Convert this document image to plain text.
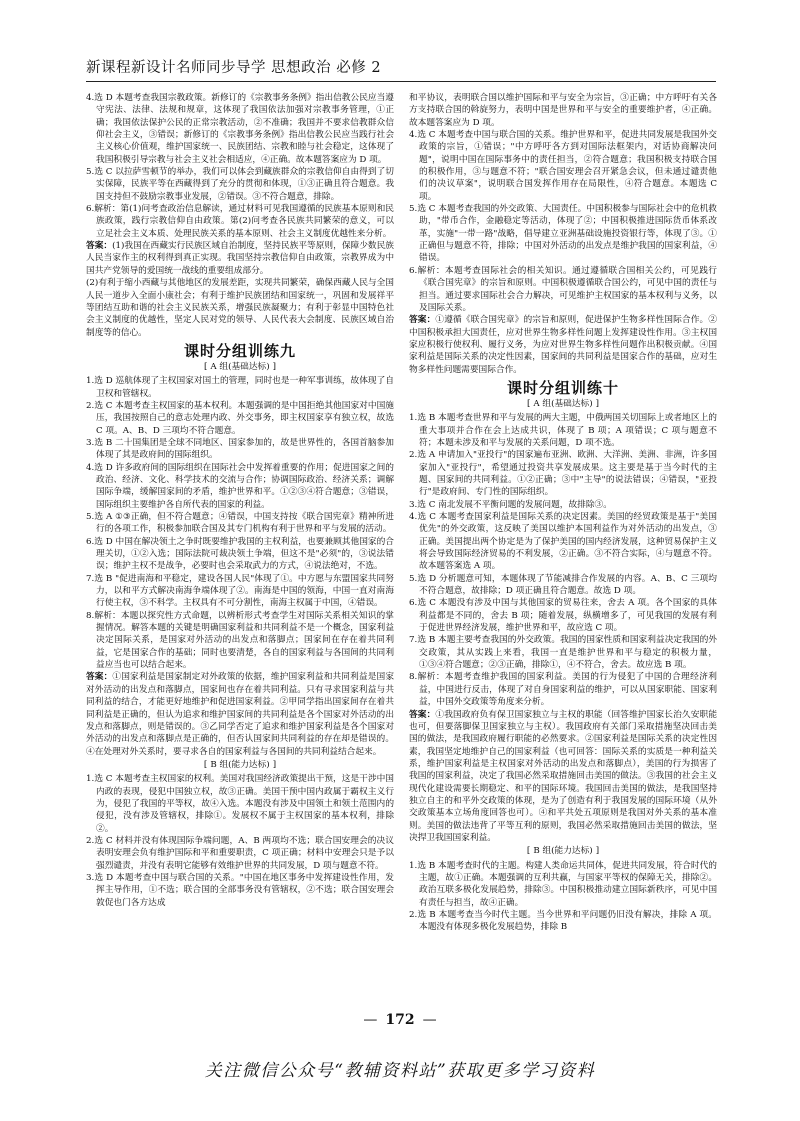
新课程新设计名师同步导学 思想政治 必修 2

4.选 D 本题考查我国宗教政策。新修订的《宗教事务条例》指出信教公民应当遵守宪法、法律、法规和规章，这体现了我国依法加强对宗教事务管理，①正确；我国依法保护公民的正常宗教活动，②不准确；我国并不要求信教群众信仰社会主义，③错误；新修订的《宗教事务条例》指出信教公民应当践行社会主义核心价值观，维护国家统一、民族团结、宗教和睦与社会稳定，这体现了我国积极引导宗教与社会主义社会相适应，④正确。故本题答案应为 D 项。

5.选 C 以拉萨雪顿节的举办，我们可以体会到藏族群众的宗教信仰自由得到了切实保障，民族平等在西藏得到了充分的贯彻和体现，①③正确且符合题意。我国支持但不鼓励宗教事业发展，②错误。③不符合题意，排除。

6.解析：第(1)问考查政治信息解读，通过材料可见我国遵循的民族基本原则和民族政策，践行宗教信仰自由政策。第(2)问考查各民族共同繁荣的意义，可以立足社会主义本质、处理民族关系的基本原则、社会主义制度优越性来分析。

答案：(1)我国在西藏实行民族区域自治制度，坚持民族平等原则，保障少数民族人民当家作主的权利得到真正实现。我国坚持宗教信仰自由政策，宗教界成为中国共产党领导的爱国统一战线的重要组成部分。

(2)有利于缩小西藏与其他地区的发展差距，实现共同繁荣，确保西藏人民与全国人民一道步入全面小康社会；有利于维护民族团结和国家统一，巩固和发展祥平等团结互助和谐的社会主义民族关系，增强民族凝聚力；有利于彰显中国特色社会主义制度的优越性，坚定人民对党的领导、人民代表大会制度、民族区域自治制度等的信心。

课时分组训练九
[ A 组(基础达标) ]

1.选 D 巡航体现了主权国家对国土的管理，同时也是一种军事训练，故体现了自卫权和管辖权。

2.选 C 本题考查主权国家的基本权利。本题强调的是中国拒绝其他国家对中国施压，我国按照自己的意志处理内政、外交事务，即主权国家享有独立权，故选 C 项。A、B、D 三项均不符合题意。

3.选 B 二十国集团是全球不同地区、国家参加的，故是世界性的，各国首脑参加体现了其是政府间的国际组织。

4.选 D 许多政府间的国际组织在国际社会中发挥着重要的作用；促进国家之间的政治、经济、文化、科学技术的交流与合作；协调国际政治、经济关系；调解国际争端，缓解国家间的矛盾，维护世界和平。①②③④符合题意；③错误，国际组织主要维护各自所代表的国家的利益。

5.选 A ①③正确，但不符合题意；④错误，中国支持按《联合国宪章》精神所进行的各项工作，积极参加联合国及其专门机构有利于世界和平与发展的活动。

6.选 D 中国在解决领土之争时既要维护我国的主权利益，也要兼顾其他国家的合理关切，①②入选；国际法院可裁决领土争端，但这不是"必须"的，③说法错误；维护主权不是战争，必要时也会采取武力的方式，④说法绝对，不选。

7.选 B "促进南海和平稳定，建设各国人民"体现了①。中方愿与东盟国家共同努力，以和平方式解决南海争端体现了②。南海是中国的领海，中国一直对南海行使主权，③不科学。主权具有不可分割性，南海主权属于中国，④错误。

8.解析：本题以探究性方式命题，以辨析形式考查学生对国际关系相关知识的掌握情况。解答本题的关键是明确国家利益和共同利益不是一个概念，国家利益决定国际关系，是国家对外活动的出发点和落脚点；国家间在存在着共同利益，它是国家合作的基础；同时也要清楚，各自的国家利益与各国间的共同利益应当也可以结合起来。

答案：①国家利益是国家制定对外政策的依据，维护国家利益和共同利益是国家对外活动的出发点和落脚点，国家间也存在着共同利益。只有寻求国家利益与共同利益的结合，才能更好地维护和促进国家利益。②甲同学指出国家间存在着共同利益是正确的，但认为追求和维护国家间的共同利益是各个国家对外活动的出发点和落脚点，则是错误的。③乙同学否定了追求和维护国家利益是各个国家对外活动的出发点和落脚点是正确的，但否认国家间共同利益的存在却是错误的。④在处理对外关系时，要寻求各自的国家利益与各国间的共同利益结合起来。

[ B 组(能力达标) ]

1.选 C 本题考查主权国家的权利。美国对我国经济政策提出干预，这是干涉中国内政的表现，侵犯中国独立权，故③正确。美国干预中国内政属于霸权主义行为，侵犯了我国的平等权，故④入选。本题没有涉及中国领土和领土范围内的侵犯，没有涉及管辖权，排除①。发展权不属于主权国家的基本权利，排除②。

2.选 C 材料并没有体现国际争端问题，A、B 两项均不选；联合国安理会的决议表明安理会负有维护国际和平和重要职责，C 项正确；材料中安理会只是予以强烈谴责，并没有表明它能够有效维护世界的共同发展，D 项与题意不符。

3.选 D 本题考查中国与联合国的关系。"中国在地区事务中发挥建设性作用，发挥主导作用，①不选；联合国的全部事务没有管辖权，②不选；联合国安理会敦促也门各方达成

和平协议，表明联合国以维护国际和平与安全为宗旨，③正确；中方呼吁有关各方支持联合国的斡旋努力，表明中国是世界和平与安全的重要维护者，④正确。故本题答案应为 D 项。

4.选 C 本题考查中国与联合国的关系。维护世界和平，促进共同发展是我国外交政策的宗旨，①错误；"中方呼吁各方到对国际法框架内，对话协商解决问题"，说明中国在国际事务中的责任担当，②符合题意；我国积极支持联合国的积极作用，③与题意不符；"联合国安理会召开紧急会议，但未通过谴责他们的决议草案"，说明联合国发挥作用存在局限性，④符合题意。本题选 C 项。

5.选 C 本题考查我国的外交政策、大国责任。中国积极参与国际社会中的危机救助，"带币合作，金融稳定等活动，体现了②；中国积极推进国际货币体系改革，实施"一带一路"战略，倡导建立亚洲基础设施投资银行等，体现了③。①正确但与题意不符，排除；中国对外活动的出发点是维护我国的国家利益，④错误。

6.解析：本题考查国际社会的相关知识。通过遵循联合国相关公约，可见践行《联合国宪章》的宗旨和原则。中国积极遵循联合国公约，可见中国的责任与担当。通过要求国际社会合力解决，可见维护主权国家的基本权利与义务，以及国际关系。

答案：①遵循《联合国宪章》的宗旨和原则，促进保护生物多样性国际合作。②中国积极承担大国责任，应对世界生物多样性问题上发挥建设性作用。③主权国家应积极行使权利、履行义务，为应对世界生物多样性问题作出积极贡献。④国家利益是国际关系的决定性因素，国家间的共同利益是国家合作的基础，应对生物多样性问题需要国际合作。

课时分组训练十
[ A 组(基础达标) ]

1.选 B 本题考查世界和平与发展的两大主题，中俄两国关切国际上或者地区上的重大事项并合作在会上达成共识，体现了 B 项；A 项错误；C 项与题意不符；本题未涉及和平与发展的关系问题，D 项不选。

2.选 A 申请加入"亚投行"的国家遍布亚洲、欧洲、大洋洲、美洲、非洲，许多国家加入"亚投行"，希望通过投资共享发展成果。这主要是基于当今时代的主题、国家间的共同利益。①②正确；③中"主导"的说法错误；④错误，"亚投行"是政府间、专门性的国际组织。

3.选 C 南北发展不平衡问题的发展问题，故排除③。

4.选 C 本题考查国家利益是国际关系的决定因素。美国的经贸政策是基于"美国优先"的外交政策，这反映了美国以维护本国利益作为对外活动的出发点，③正确。美国提出两个协定是为了保护美国的国内经济发展，这种贸易保护主义将会导致国际经济贸易的不利发展，②正确。③不符合实际，④与题意不符。故本题答案选 A 项。

5.选 D 分析题意可知，本题体现了节能减排合作发展的内容。A、B、C 三项均不符合题意，故排除；D 项正确且符合题意。故选 D 项。

6.选 C 本题没有涉及中国与其他国家的贸易往来，舍去 A 项。各个国家的具体利益都是不同的，舍去 B 项；随着发展，纵横增多了，可见我国的发展有利于促进世界经济发展，维护世界和平，故应选 C 项。

7.选 B 本题主要考查我国的外交政策。我国的国家性质和国家利益决定我国的外交政策，其从实践上来看，我国一直是维护世界和平与稳定的积极力量，①③④符合题意；②③正确，排除①，④不符合，舍去。故应选 B 项。

8.解析：本题考查维护我国的国家利益。美国的行为侵犯了中国的合理经济利益，中国进行反击，体现了对自身国家利益的维护，可以从国家职能、国家利益，中国外交政策等角度来分析。

答案：①我国政府负有保卫国家独立与主权的职能（回答维护国家长治久安职能也可，但要落脚保卫国家独立与主权）。我国政府有关部门采取措施坚决回击美国的做法，是我国政府履行职能的必然要求。②国家利益是国际关系的决定性因素，我国坚定地维护自己的国家利益（也可回答：国际关系的实质是一种利益关系，维护国家利益是主权国家对外活动的出发点和落脚点），美国的行为损害了我国的国家利益，决定了我国必然采取措施回击美国的做法。③我国的社会主义现代化建设需要长期稳定、和平的国际环境。我国回击美国的做法，是我国坚持独立自主的和平外交政策的体现，是为了创造有利于我国发展的国际环境（从外交政策基本立场角度回答也可）。④和平共处五项原则是我国对外关系的基本准则。美国的做法违背了平等互利的原则，我国必然采取措施回击美国的做法，坚决捍卫我国国家利益。

[ B 组(能力达标) ]

1.选 B 本题考查时代的主题。构建人类命运共同体，促进共同发展，符合时代的主题，故①正确。本题强调的互利共赢，与国家平等权的保障无关，排除②。政治互联多极化发展趋势，排除③。中国积极推动建立国际新秩序，可见中国有责任与担当，故④正确。

2.选 B 本题考查当今时代主题。当今世界和平问题仍旧没有解决，排除 A 项。本题没有体现多极化发展趋势，排除 B

— 172 —
关注微信公众号“教辅资料站”获取更多学习资料
